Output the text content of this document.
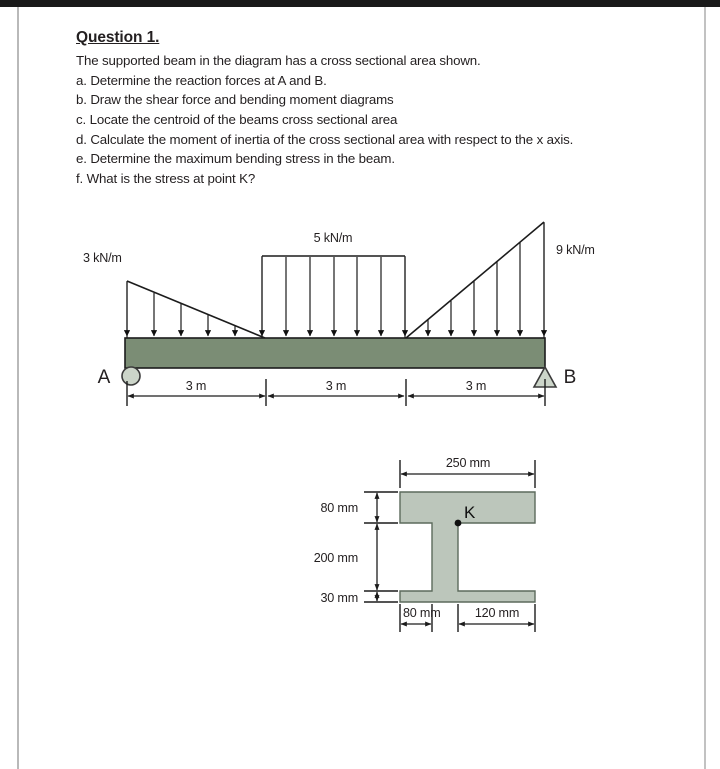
Question 1.
The supported beam in the diagram has a cross sectional area shown.
a. Determine the reaction forces at A and B.
b. Draw the shear force and bending moment diagrams
c. Locate the centroid of the beams cross sectional area
d. Calculate the moment of inertia of the cross sectional area with respect to the x axis.
e. Determine the maximum bending stress in the beam.
f. What is the stress at point K?
A	B
3 kN/m
5 kN/m
9 kN/m
3 m	3 m	3 m
K
250 mm
80 mm
200 mm
30 mm
80 mm	120 mm
